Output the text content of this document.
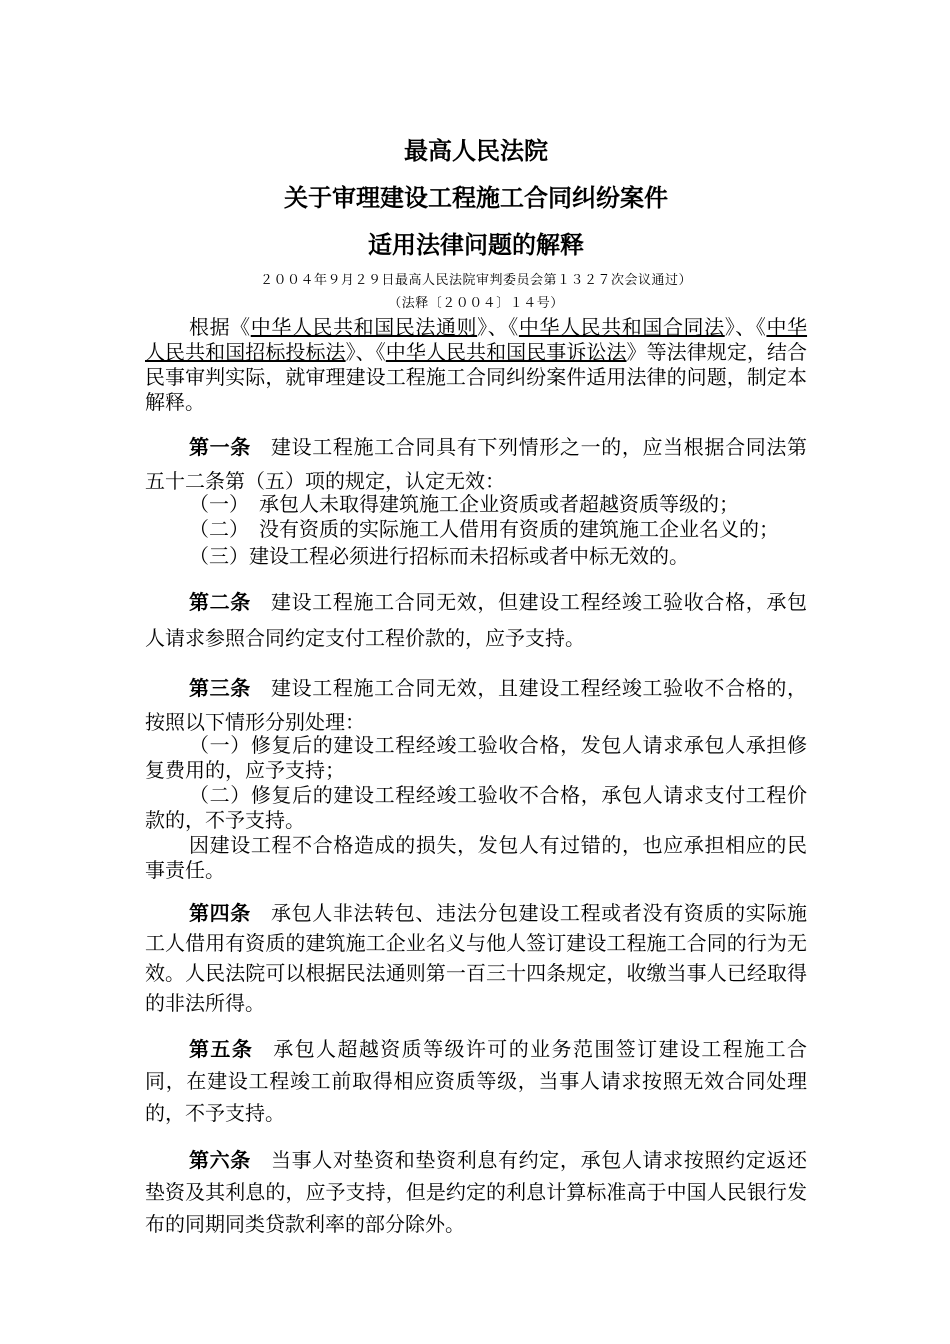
最高人民法院
关于审理建设工程施工合同纠纷案件
适用法律问题的解释
２００４年９月２９日最高人民法院审判委员会第１３２７次会议通过）
（法释〔２００４〕１４号）

根据《中华人民共和国民法通则》、《中华人民共和国合同法》、《中华人民共和国招标投标法》、《中华人民共和国民事诉讼法》等法律规定，结合民事审判实际，就审理建设工程施工合同纠纷案件适用法律的问题，制定本解释。

第一条 建设工程施工合同具有下列情形之一的，应当根据合同法第五十二条第（五）项的规定，认定无效：

（一）　承包人未取得建筑施工企业资质或者超越资质等级的；

（二）　没有资质的实际施工人借用有资质的建筑施工企业名义的；

（三）建设工程必须进行招标而未招标或者中标无效的。

第二条 建设工程施工合同无效，但建设工程经竣工验收合格，承包人请求参照合同约定支付工程价款的，应予支持。

第三条 建设工程施工合同无效，且建设工程经竣工验收不合格的，按照以下情形分别处理：

（一）修复后的建设工程经竣工验收合格，发包人请求承包人承担修复费用的，应予支持；

（二）修复后的建设工程经竣工验收不合格，承包人请求支付工程价款的，不予支持。

因建设工程不合格造成的损失，发包人有过错的，也应承担相应的民事责任。

第四条 承包人非法转包、违法分包建设工程或者没有资质的实际施工人借用有资质的建筑施工企业名义与他人签订建设工程施工合同的行为无效。人民法院可以根据民法通则第一百三十四条规定，收缴当事人已经取得的非法所得。

第五条 承包人超越资质等级许可的业务范围签订建设工程施工合同，在建设工程竣工前取得相应资质等级，当事人请求按照无效合同处理的，不予支持。

第六条 当事人对垫资和垫资利息有约定，承包人请求按照约定返还垫资及其利息的，应予支持，但是约定的利息计算标准高于中国人民银行发布的同期同类贷款利率的部分除外。
